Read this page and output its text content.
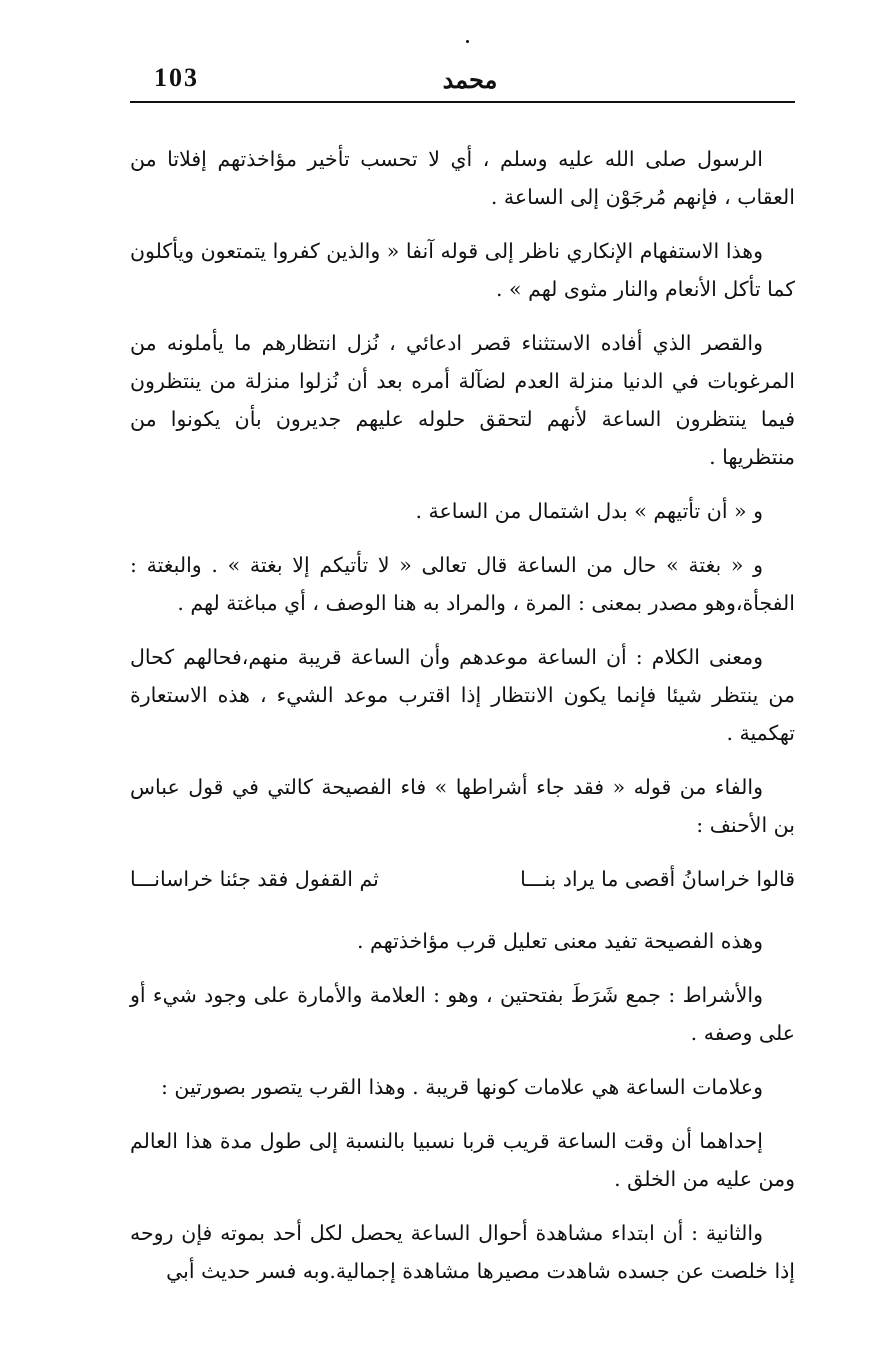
103	محمد

الرسول صلى الله عليه وسلم ، أي لا تحسب تأخير مؤاخذتهم إفلاتا من العقاب ، فإنهم مُرجَوْن إلى الساعة .

وهذا الاستفهام الإنكاري ناظر إلى قوله آنفا « والذين كفروا يتمتعون ويأكلون كما تأكل الأنعام والنار مثوى لهم » .

والقصر الذي أفاده الاستثناء قصر ادعائي ، نُزل انتظارهم ما يأملونه من المرغوبات في الدنيا منزلة العدم لضآلة أمره بعد أن نُزلوا منزلة من ينتظرون فيما ينتظرون الساعة لأنهم لتحقق حلوله عليهم جديرون بأن يكونوا من منتظريها .

و « أن تأتيهم » بدل اشتمال من الساعة .

و « بغتة » حال من الساعة قال تعالى « لا تأتيكم إلا بغتة » . والبغتة : الفجأة،وهو مصدر بمعنى : المرة ، والمراد به هنا الوصف ، أي مباغتة لهم .

ومعنى الكلام : أن الساعة موعدهم وأن الساعة قريبة منهم،فحالهم كحال من ينتظر شيئا فإنما يكون الانتظار إذا اقترب موعد الشيء ، هذه الاستعارة تهكمية .

والفاء من قوله « فقد جاء أشراطها » فاء الفصيحة كالتي في قول عباس بن الأحنف :

قالوا خراسانُ أقصى ما يراد بنـــا
ثم القفول فقد جئنا خراسانـــا

وهذه الفصيحة تفيد معنى تعليل قرب مؤاخذتهم .

والأشراط : جمع شَرَطَ بفتحتين ، وهو : العلامة والأمارة على وجود شيء أو على وصفه .

وعلامات الساعة هي علامات كونها قريبة . وهذا القرب يتصور بصورتين :

إحداهما أن وقت الساعة قريب قربا نسبيا بالنسبة إلى طول مدة هذا العالم ومن عليه من الخلق .

والثانية : أن ابتداء مشاهدة أحوال الساعة يحصل لكل أحد بموته فإن روحه إذا خلصت عن جسده شاهدت مصيرها مشاهدة إجمالية.وبه فسر حديث أبي
